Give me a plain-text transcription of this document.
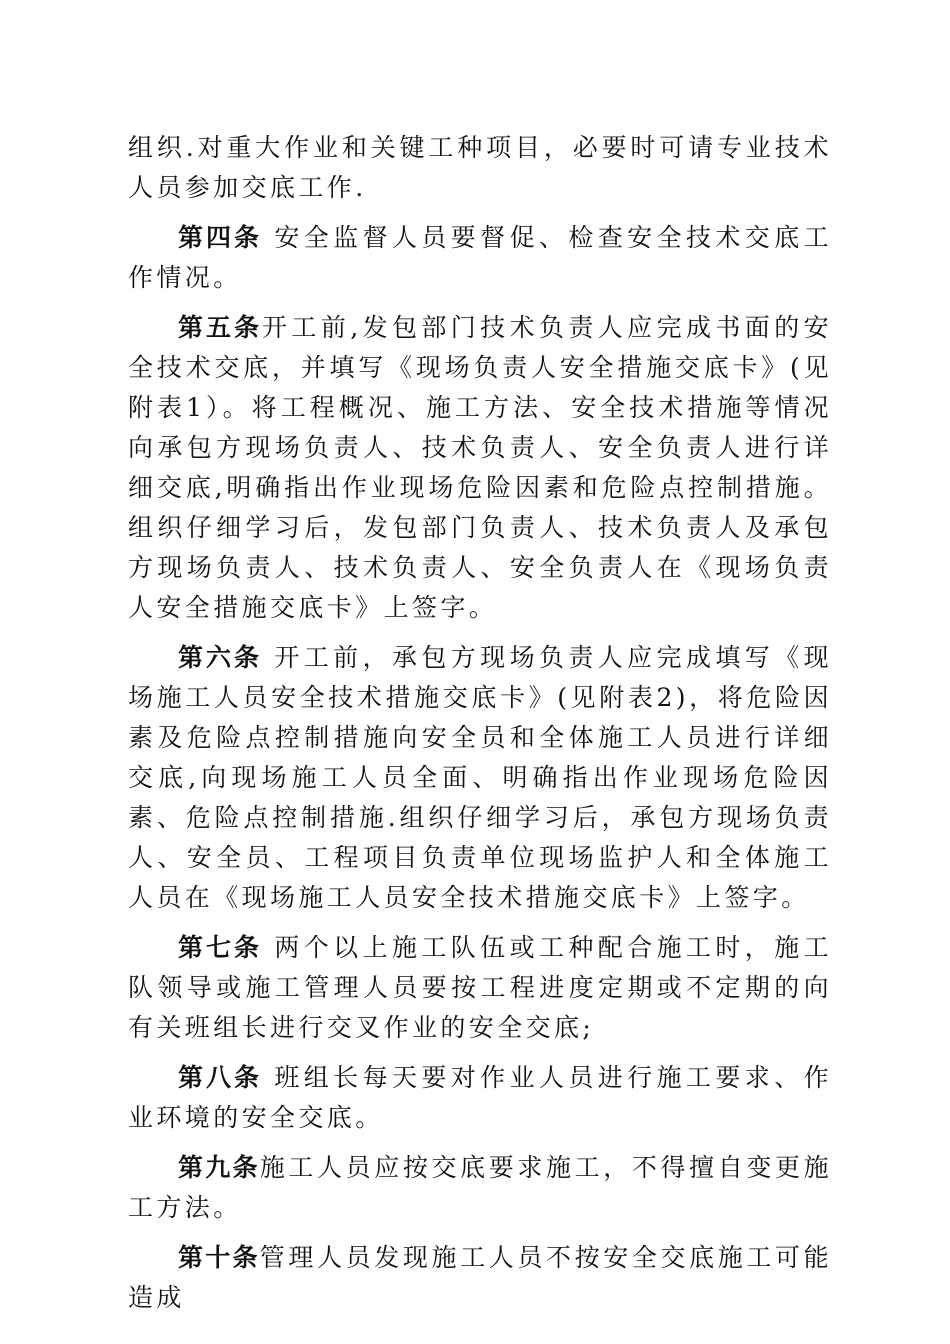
组织.对重大作业和关键工种项目，必要时可请专业技术人员参加交底工作.

第四条 安全监督人员要督促、检查安全技术交底工作情况。

第五条开工前,发包部门技术负责人应完成书面的安全技术交底，并填写《现场负责人安全措施交底卡》(见附表1）。将工程概况、施工方法、安全技术措施等情况向承包方现场负责人、技术负责人、安全负责人进行详细交底,明确指出作业现场危险因素和危险点控制措施。组织仔细学习后，发包部门负责人、技术负责人及承包方现场负责人、技术负责人、安全负责人在《现场负责人安全措施交底卡》上签字。

第六条 开工前，承包方现场负责人应完成填写《现场施工人员安全技术措施交底卡》(见附表2)，将危险因素及危险点控制措施向安全员和全体施工人员进行详细交底,向现场施工人员全面、明确指出作业现场危险因素、危险点控制措施.组织仔细学习后，承包方现场负责人、安全员、工程项目负责单位现场监护人和全体施工人员在《现场施工人员安全技术措施交底卡》上签字。

第七条 两个以上施工队伍或工种配合施工时，施工队领导或施工管理人员要按工程进度定期或不定期的向有关班组长进行交叉作业的安全交底;

第八条 班组长每天要对作业人员进行施工要求、作业环境的安全交底。

第九条施工人员应按交底要求施工，不得擅自变更施工方法。

第十条管理人员发现施工人员不按安全交底施工可能造成
